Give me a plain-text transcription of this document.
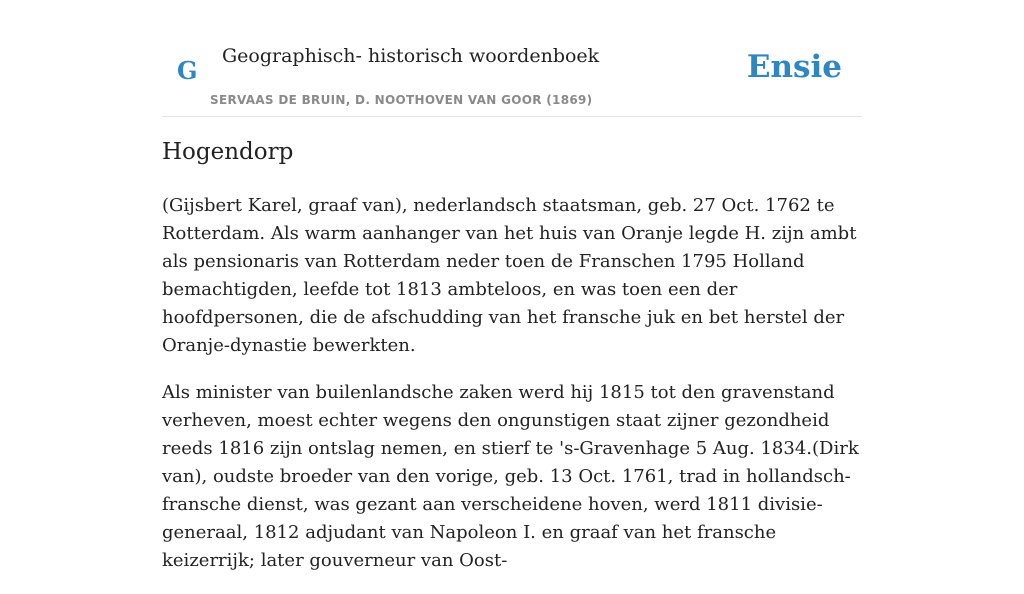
G Geographisch- historisch woordenboek
SERVAAS DE BRUIN, D. NOOTHOVEN VAN GOOR (1869)
Ensie
Hogendorp

(Gijsbert Karel, graaf van), nederlandsch staatsman, geb. 27 Oct. 1762 te Rotterdam. Als warm aanhanger van het huis van Oranje legde H. zijn ambt als pensionaris van Rotterdam neder toen de Franschen 1795 Holland bemachtigden, leefde tot 1813 ambteloos, en was toen een der hoofdpersonen, die de afschudding van het fransche juk en bet herstel der Oranje-dynastie bewerkten.

Als minister van builenlandsche zaken werd hij 1815 tot den gravenstand verheven, moest echter wegens den ongunstigen staat zijner gezondheid reeds 1816 zijn ontslag nemen, en stierf te 's-Gravenhage 5 Aug. 1834.(Dirk van), oudste broeder van den vorige, geb. 13 Oct. 1761, trad in hollandsch-fransche dienst, was gezant aan verscheidene hoven, werd 1811 divisie-generaal, 1812 adjudant van Napoleon I. en graaf van het fransche keizerrijk; later gouverneur van Oost-
